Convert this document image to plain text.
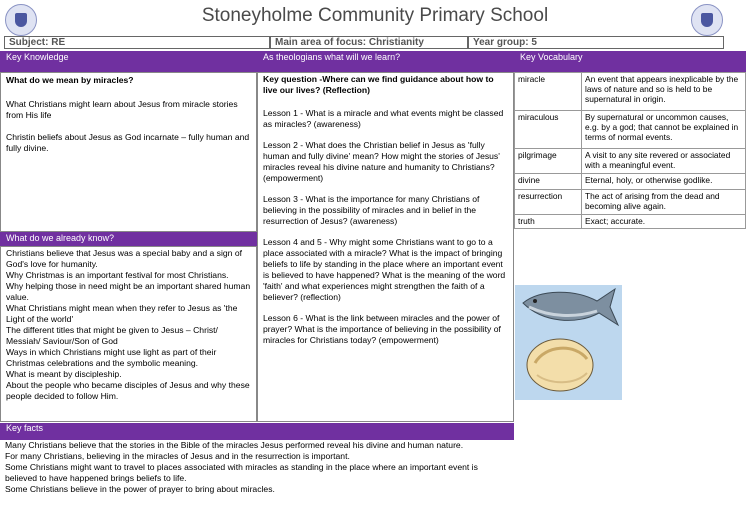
Stoneyholme Community Primary School
Subject: RE	Main area of focus: Christianity	Year group: 5
Key Knowledge	As theologians what will we learn?	Key Vocabulary

What do we mean by miracles?

What Christians might learn about Jesus from miracle stories from His life

Christin beliefs about Jesus as God incarnate – fully human and fully divine.

What do we already know?

Christians believe that Jesus was a special baby and a sign of God's love for humanity.

Why Christmas is an important festival for most Christians.

Why helping those in need might be an important shared human value.

What Christians might mean when they refer to Jesus as 'the Light of the world'

The different titles that might be given to Jesus – Christ/ Messiah/ Saviour/Son of God

Ways in which Christians might use light as part of their Christmas celebrations and the symbolic meaning.

What is meant by discipleship.

About the people who became disciples of Jesus and why these people decided to follow Him.

Key question -Where can we find guidance about how to live our lives? (Reflection)

Lesson 1 - What is a miracle and what events might be classed as miracles? (awareness)

Lesson 2 - What does the Christian belief in Jesus as 'fully human and fully divine' mean? How might the stories of Jesus' miracles reveal his divine nature and humanity to Christians? (empowerment)

Lesson 3 - What is the importance for many Christians of believing in the possibility of miracles and in belief in the resurrection of Jesus? (awareness)

Lesson 4 and 5 - Why might some Christians want to go to a place associated with a miracle? What is the impact of bringing beliefs to life by standing in the place where an important event is believed to have happened? What is the meaning of the word 'faith' and what experiences might strengthen the faith of a believer? (reflection)

Lesson 6 - What is the link between miracles and the power of prayer? What is the importance of believing in the possibility of miracles for Christians today? (empowerment)

miracle	An event that appears inexplicable by the laws of nature and so is held to be supernatural in origin.
miraculous	By supernatural or uncommon causes, e.g. by a god; that cannot be explained in terms of normal events.
pilgrimage	A visit to any site revered or associated with a meaningful event.
divine	Eternal, holy, or otherwise godlike.
resurrection	The act of arising from the dead and becoming alive again.
truth	Exact; accurate.
Key facts

Many Christians believe that the stories in the Bible of the miracles Jesus performed reveal his divine and human nature.

For many Christians, believing in the miracles of Jesus and in the resurrection is important.

Some Christians might want to travel to places associated with miracles as standing in the place where an important event is believed to have happened brings beliefs to life.

Some Christians believe in the power of prayer to bring about miracles.
